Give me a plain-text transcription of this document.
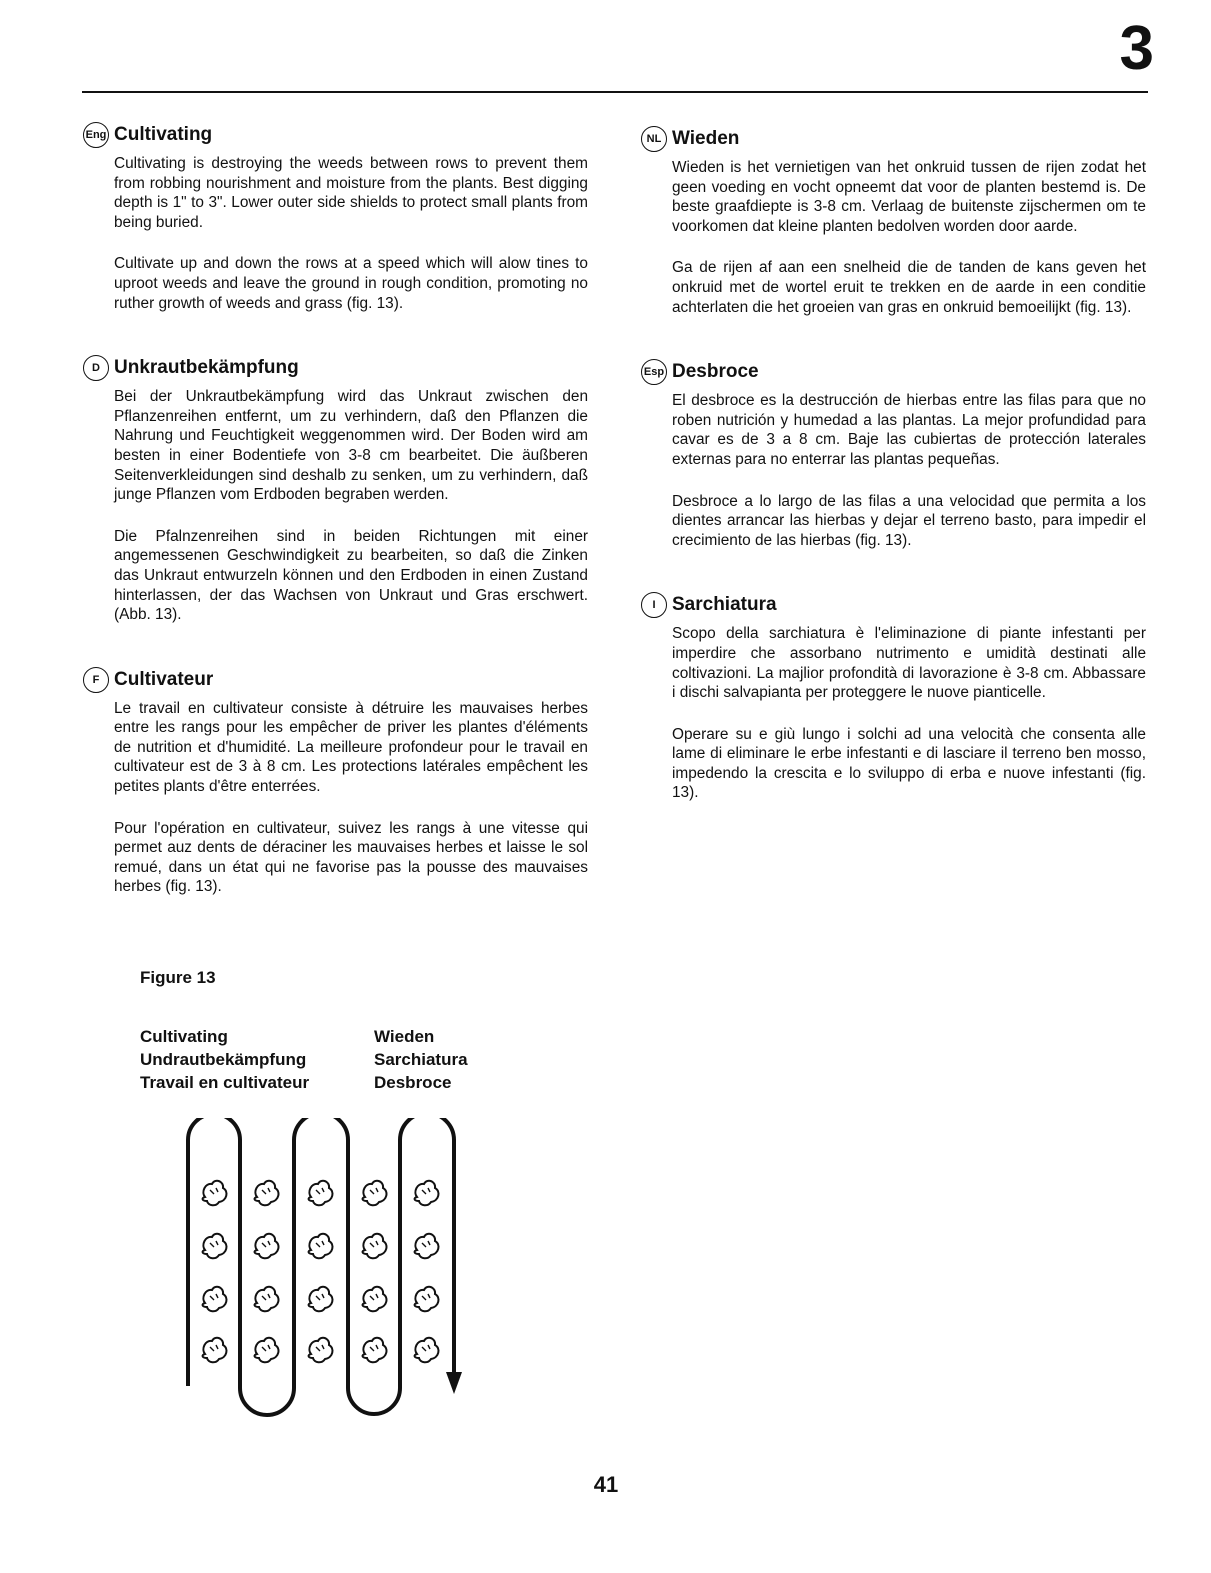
3
Eng Cultivating

Cultivating is destroying the weeds between rows to prevent them from robbing nourishment and moisture from the plants. Best digging depth is 1" to 3". Lower outer side shields to protect small plants from being buried.

Cultivate up and down the rows at a speed which will alow tines to uproot weeds and leave the ground in rough condition, promoting no ruther growth of weeds and grass (fig. 13).

D Unkrautbekämpfung

Bei der Unkrautbekämpfung wird das Unkraut zwischen den Pflanzenreihen entfernt, um zu verhindern, daß den Pflanzen die Nahrung und Feuchtigkeit weggenommen wird. Der Boden wird am besten in einer Bodentiefe von 3-8 cm bearbeitet. Die äußberen Seitenverkleidungen sind deshalb zu senken, um zu verhindern, daß junge Pflanzen vom Erdboden begraben werden.

Die Pfalnzenreihen sind in beiden Richtungen mit einer angemessenen Geschwindigkeit zu bearbeiten, so daß die Zinken das Unkraut entwurzeln können und den Erdboden in einen Zustand hinterlassen, der das Wachsen von Unkraut und Gras erschwert. (Abb. 13).

F Cultivateur

Le travail en cultivateur consiste à détruire les mauvaises herbes entre les rangs pour les empêcher de priver les plantes d'éléments de nutrition et d'humidité. La meilleure profondeur pour le travail en cultivateur est de 3 à 8 cm. Les protections latérales empêchent les petites plants d'être enterrées.

Pour l'opération en cultivateur, suivez les rangs à une vitesse qui permet auz dents de déraciner les mauvaises herbes et laisse le sol remué, dans un état qui ne favorise pas la pousse des mauvaises herbes (fig. 13).

NL Wieden

Wieden is het vernietigen van het onkruid tussen de rijen zodat het geen voeding en vocht opneemt dat voor de planten bestemd is. De beste graafdiepte is 3-8 cm. Verlaag de buitenste zijschermen om te voorkomen dat kleine planten bedolven worden door aarde.

Ga de rijen af aan een snelheid die de tanden de kans geven het onkruid met de wortel eruit te trekken en de aarde in een conditie achterlaten die het groeien van gras en onkruid bemoeilijkt (fig. 13).

Esp Desbroce

El desbroce es la destrucción de hierbas entre las filas para que no roben nutrición y humedad a las plantas. La mejor profundidad para cavar es de 3 a 8 cm. Baje las cubiertas de protección laterales externas para no enterrar las plantas pequeñas.

Desbroce a lo largo de las filas a una velocidad que permita a los dientes arrancar las hierbas y dejar el terreno basto, para impedir el crecimiento de las hierbas (fig. 13).

I Sarchiatura

Scopo della sarchiatura è l'eliminazione di piante infestanti per imperdire che assorbano nutrimento e umidità destinati alle coltivazioni. La majlior profondità di lavorazione è 3-8 cm. Abbassare i dischi salvapianta per proteggere le nuove pianticelle.

Operare su e giù lungo i solchi ad una velocità che consenta alle lame di eliminare le erbe infestanti e di lasciare il terreno ben mosso, impedendo la crescita e lo sviluppo di erba e nuove infestanti (fig. 13).

Figure 13
Cultivating	Wieden
Undrautbekämpfung	Sarchiatura
Travail en cultivateur	Desbroce
41
